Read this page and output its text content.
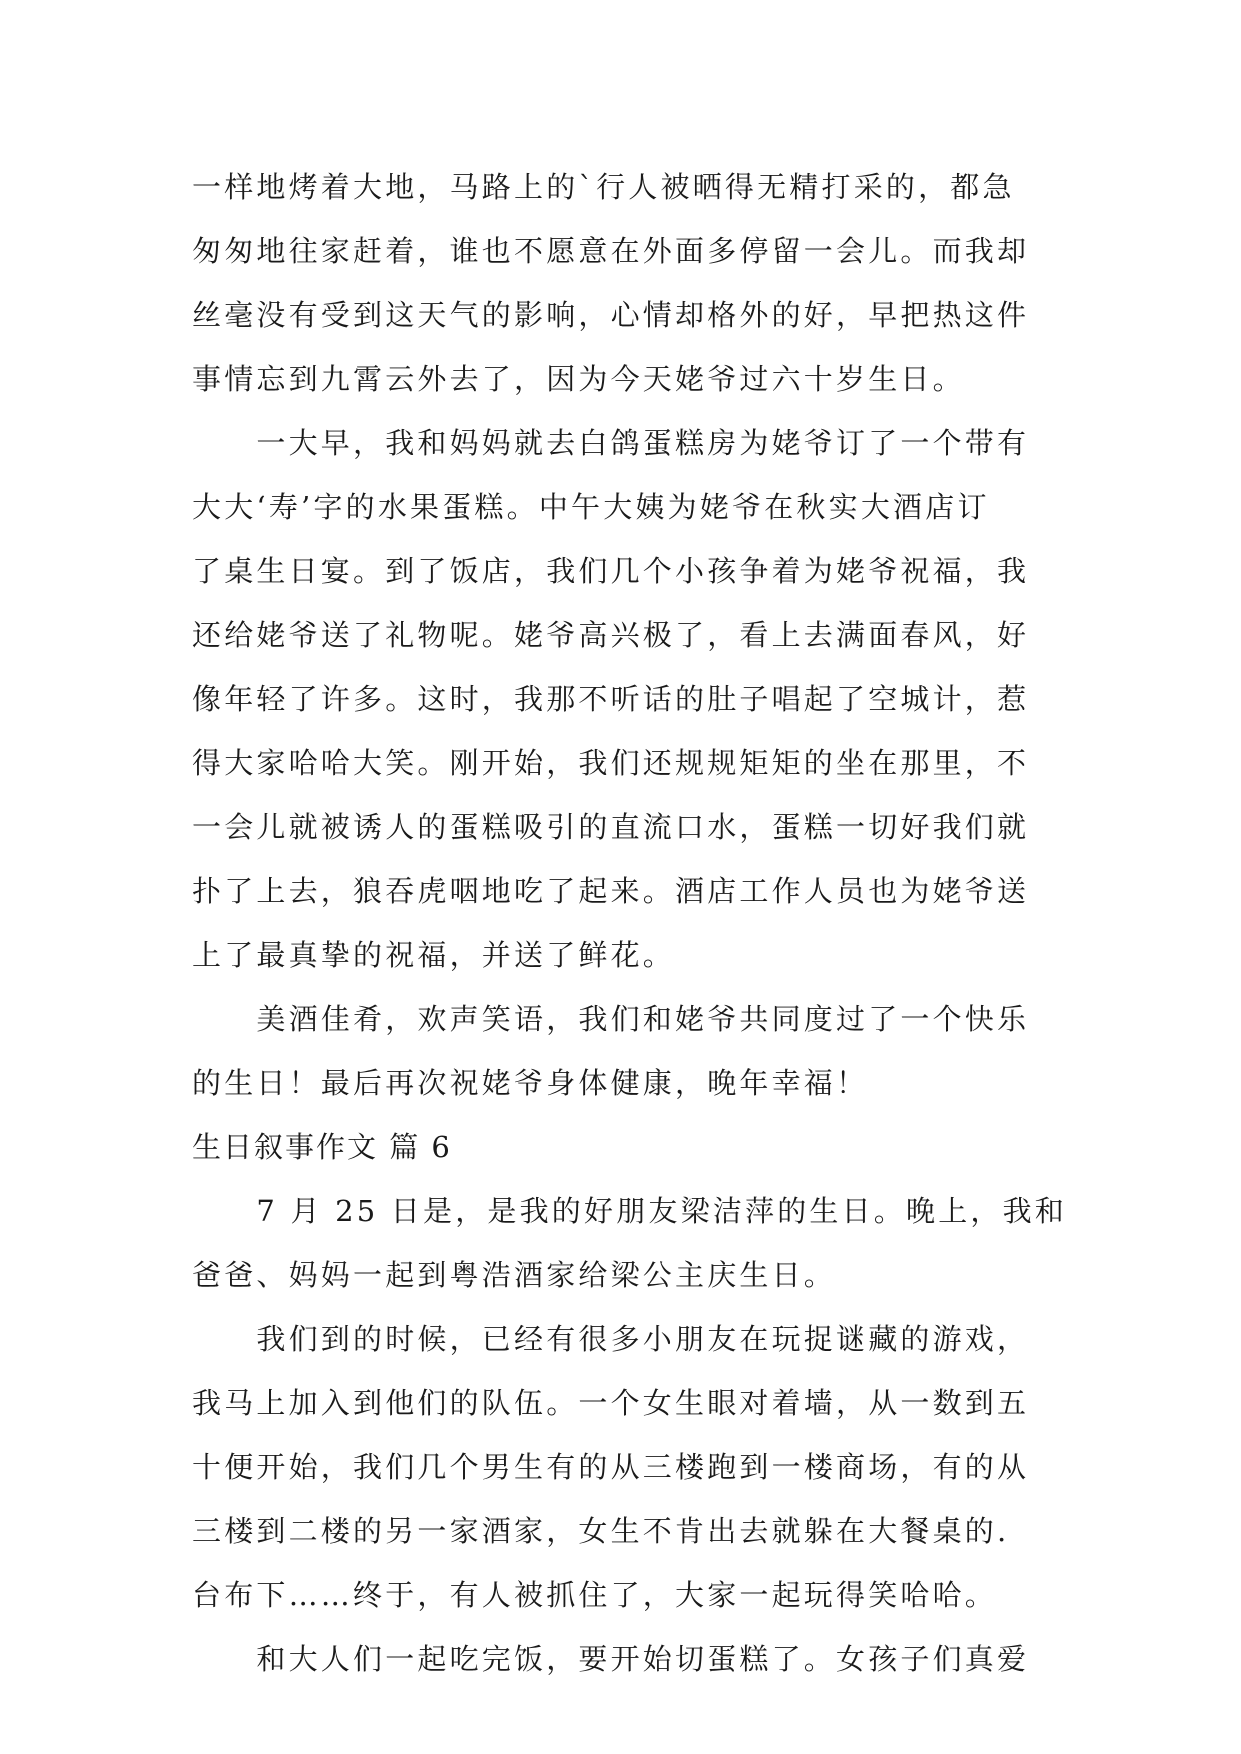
一样地烤着大地，马路上的`行人被晒得无精打采的，都急
匆匆地往家赶着，谁也不愿意在外面多停留一会儿。而我却
丝毫没有受到这天气的影响，心情却格外的好，早把热这件
事情忘到九霄云外去了，因为今天姥爷过六十岁生日。
　　一大早，我和妈妈就去白鸽蛋糕房为姥爷订了一个带有
大大‘寿’字的水果蛋糕。中午大姨为姥爷在秋实大酒店订
了桌生日宴。到了饭店，我们几个小孩争着为姥爷祝福，我
还给姥爷送了礼物呢。姥爷高兴极了，看上去满面春风，好
像年轻了许多。这时，我那不听话的肚子唱起了空城计，惹
得大家哈哈大笑。刚开始，我们还规规矩矩的坐在那里，不
一会儿就被诱人的蛋糕吸引的直流口水，蛋糕一切好我们就
扑了上去，狼吞虎咽地吃了起来。酒店工作人员也为姥爷送
上了最真挚的祝福，并送了鲜花。
　　美酒佳肴，欢声笑语，我们和姥爷共同度过了一个快乐
的生日！最后再次祝姥爷身体健康，晚年幸福！
生日叙事作文 篇 6
　　7 月 25 日是，是我的好朋友梁洁萍的生日。晚上，我和
爸爸、妈妈一起到粤浩酒家给梁公主庆生日。
　　我们到的时候，已经有很多小朋友在玩捉谜藏的游戏，
我马上加入到他们的队伍。一个女生眼对着墙，从一数到五
十便开始，我们几个男生有的从三楼跑到一楼商场，有的从
三楼到二楼的另一家酒家，女生不肯出去就躲在大餐桌的.
台布下……终于，有人被抓住了，大家一起玩得笑哈哈。
　　和大人们一起吃完饭，要开始切蛋糕了。女孩子们真爱
